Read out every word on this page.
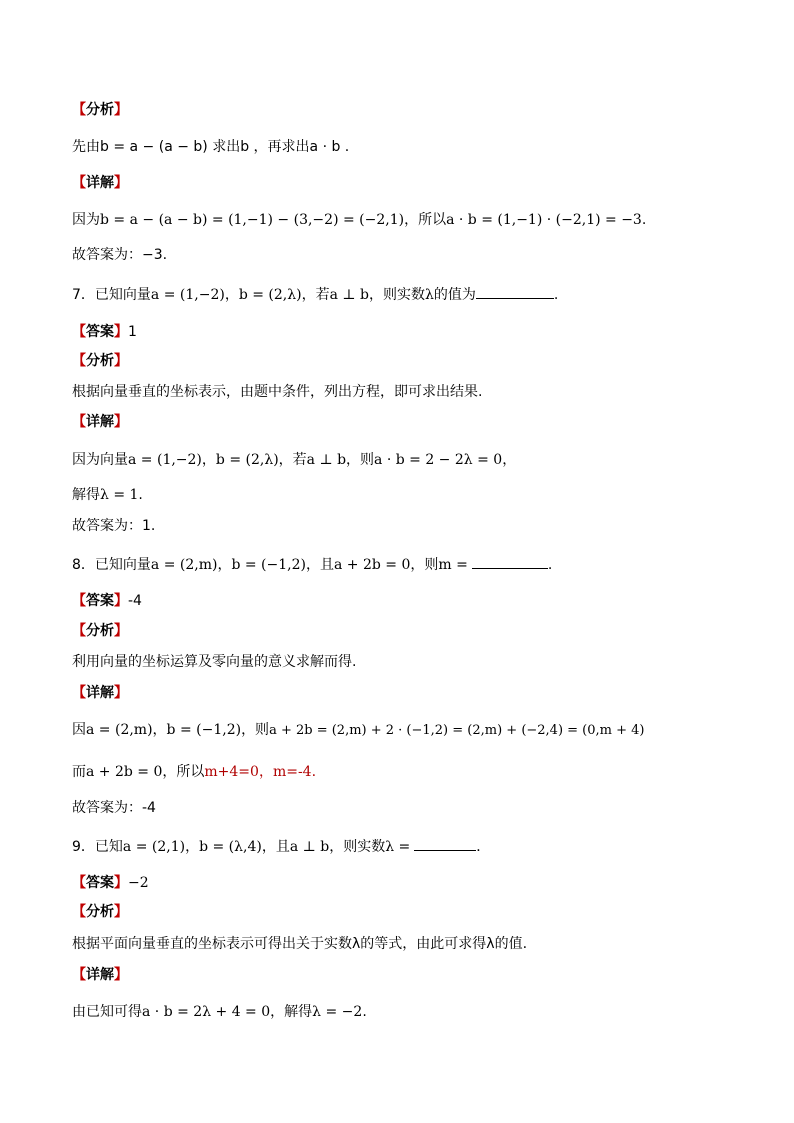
【分析】
先由b = a − (a − b) 求出b ，再求出a · b .
【详解】
因为b = a − (a − b) = (1,−1) − (3,−2) = (−2,1)，所以a · b = (1,−1) · (−2,1) = −3.
故答案为：−3.
7．已知向量a = (1,−2)，b = (2,λ)，若a ⊥ b，则实数λ的值为	.
【答案】1
【分析】
根据向量垂直的坐标表示，由题中条件，列出方程，即可求出结果.
【详解】
因为向量a = (1,−2)，b = (2,λ)，若a ⊥ b，则a · b = 2 − 2λ = 0，
解得λ = 1.
故答案为：1.
8．已知向量a = (2,m)，b = (−1,2)，且a + 2b = 0，则m =	.
【答案】-4
【分析】
利用向量的坐标运算及零向量的意义求解而得.
【详解】
因a = (2,m)，b = (−1,2)，则a + 2b = (2,m) + 2 · (−1,2) = (2,m) + (−2,4) = (0,m + 4)
而a + 2b = 0，所以m+4=0，m=-4.
故答案为：-4
9．已知a = (2,1)，b = (λ,4)，且a ⊥ b，则实数λ =	．
【答案】−2
【分析】
根据平面向量垂直的坐标表示可得出关于实数λ的等式，由此可求得λ的值.
【详解】
由已知可得a · b = 2λ + 4 = 0，解得λ = −2.
